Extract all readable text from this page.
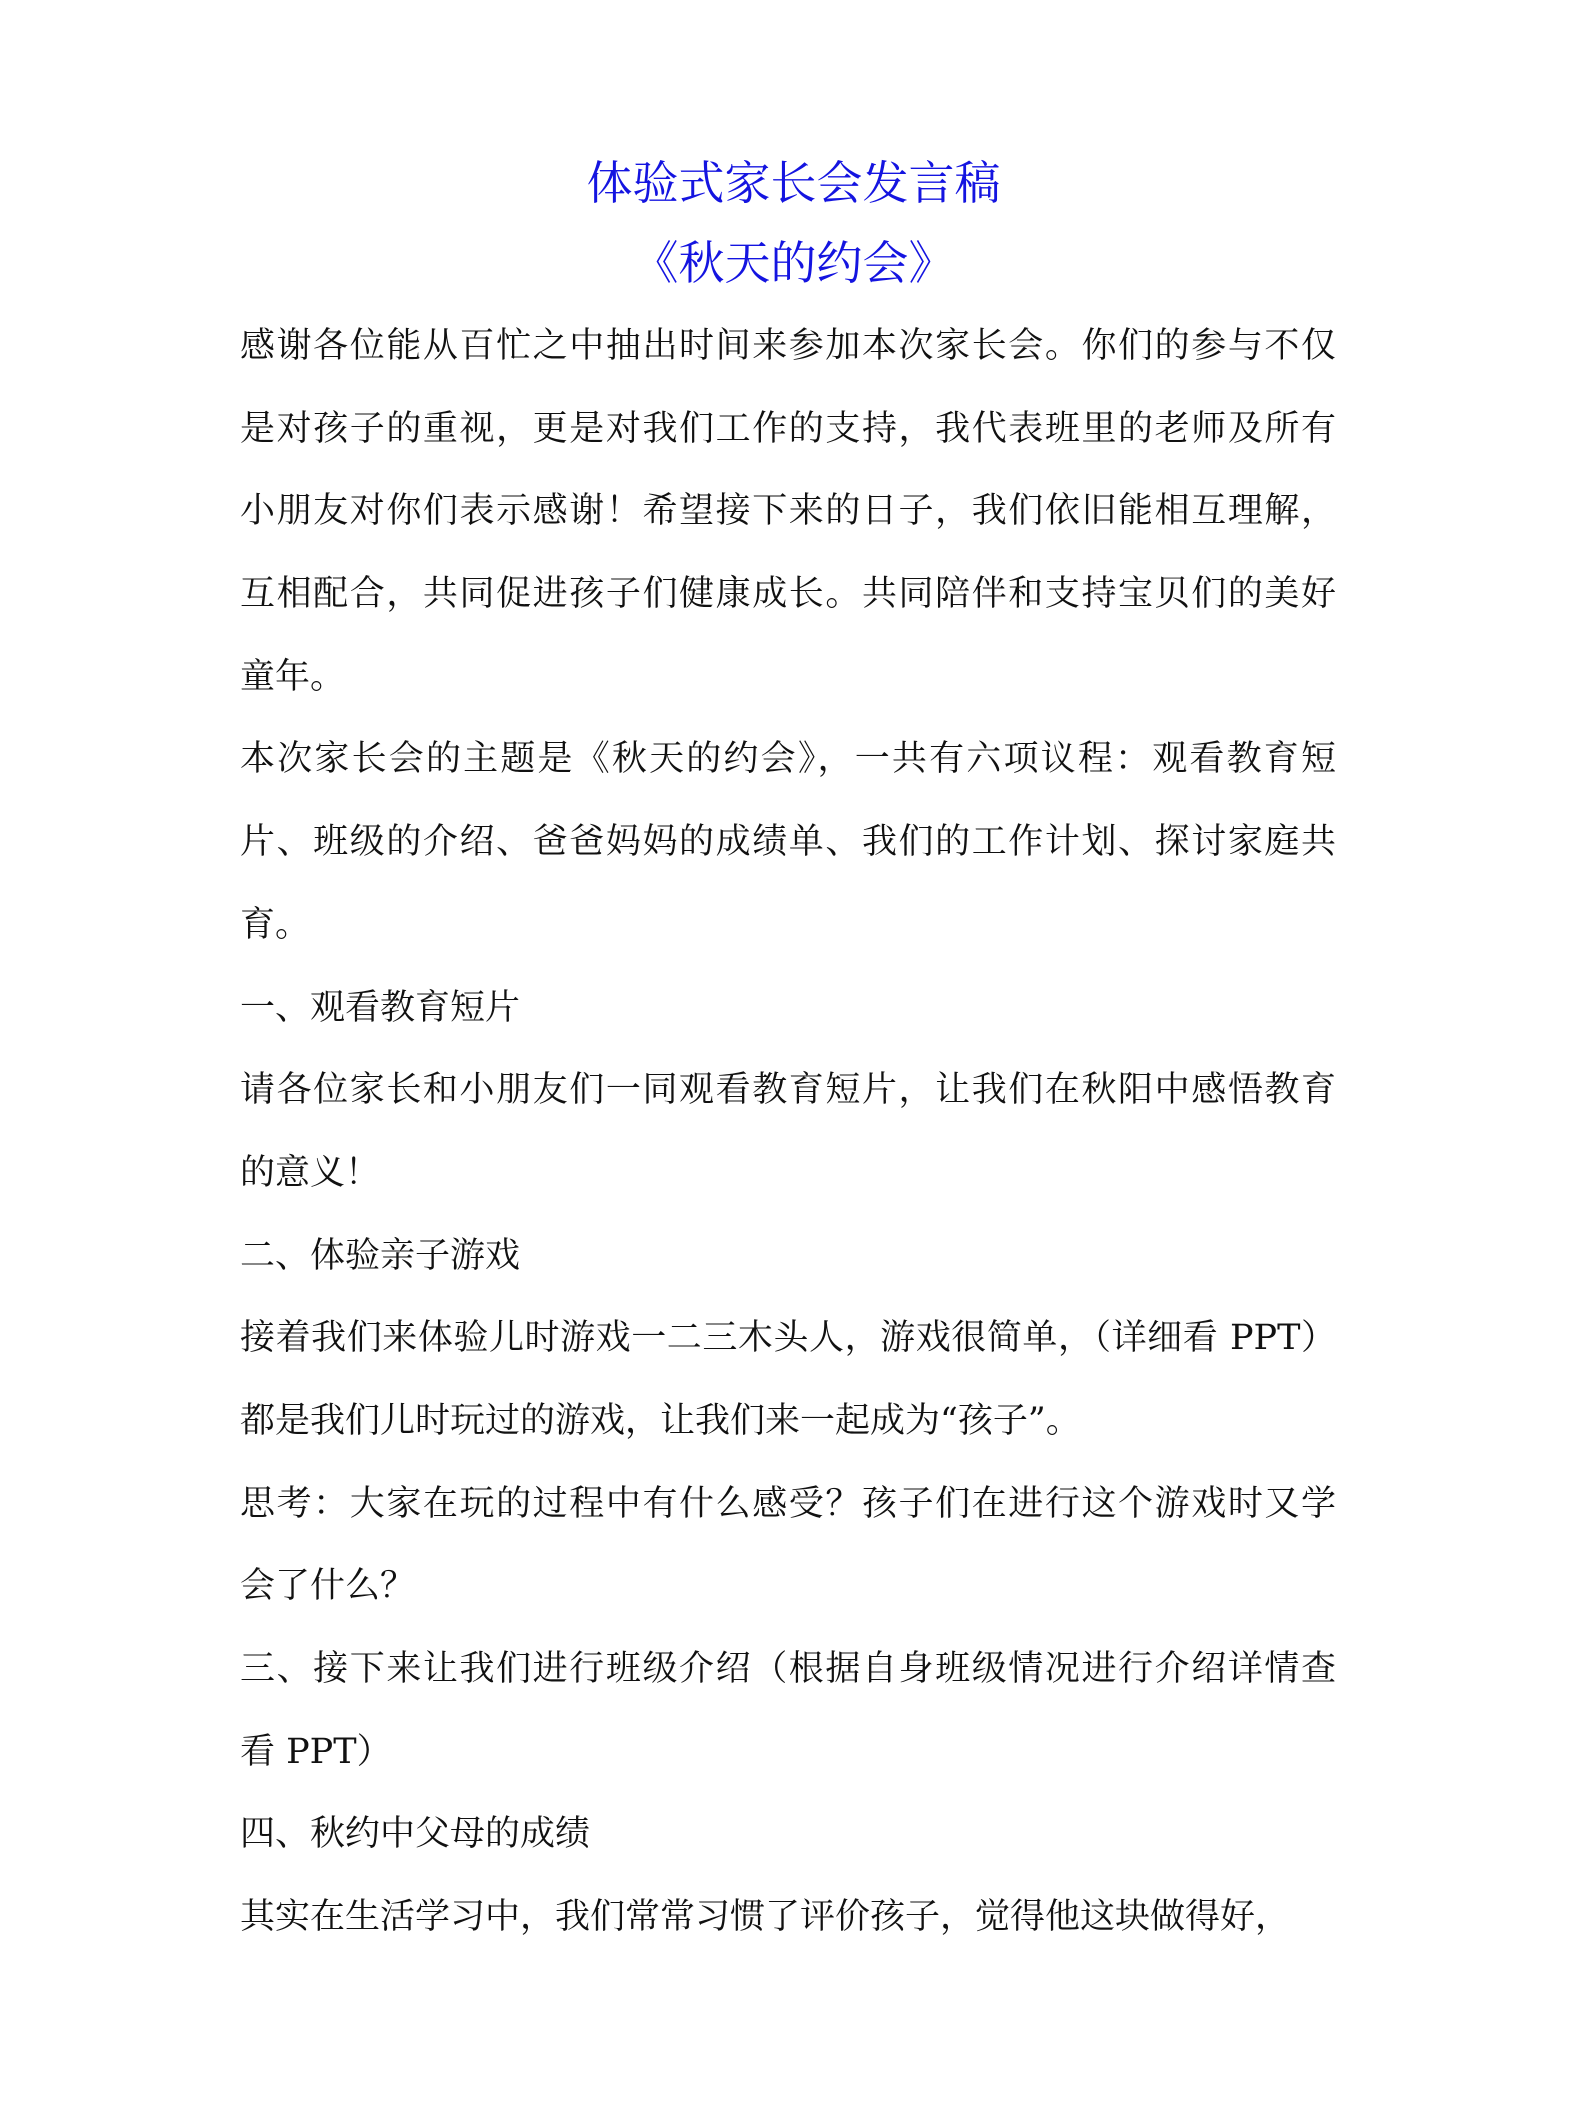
体验式家长会发言稿
《秋天的约会》
感谢各位能从百忙之中抽出时间来参加本次家长会。你们的参与不仅
是对孩子的重视，更是对我们工作的支持，我代表班里的老师及所有
小朋友对你们表示感谢！希望接下来的日子，我们依旧能相互理解，
互相配合，共同促进孩子们健康成长。共同陪伴和支持宝贝们的美好
童年。
本次家长会的主题是《秋天的约会》，一共有六项议程：观看教育短
片、班级的介绍、爸爸妈妈的成绩单、我们的工作计划、探讨家庭共
育。
一、观看教育短片
请各位家长和小朋友们一同观看教育短片，让我们在秋阳中感悟教育
的意义！
二、体验亲子游戏
接着我们来体验儿时游戏一二三木头人，游戏很简单，（详细看 PPT）
都是我们儿时玩过的游戏，让我们来一起成为“孩子”。
思考：大家在玩的过程中有什么感受？孩子们在进行这个游戏时又学
会了什么？
三、接下来让我们进行班级介绍（根据自身班级情况进行介绍详情查
看 PPT）
四、秋约中父母的成绩
其实在生活学习中，我们常常习惯了评价孩子，觉得他这块做得好，
